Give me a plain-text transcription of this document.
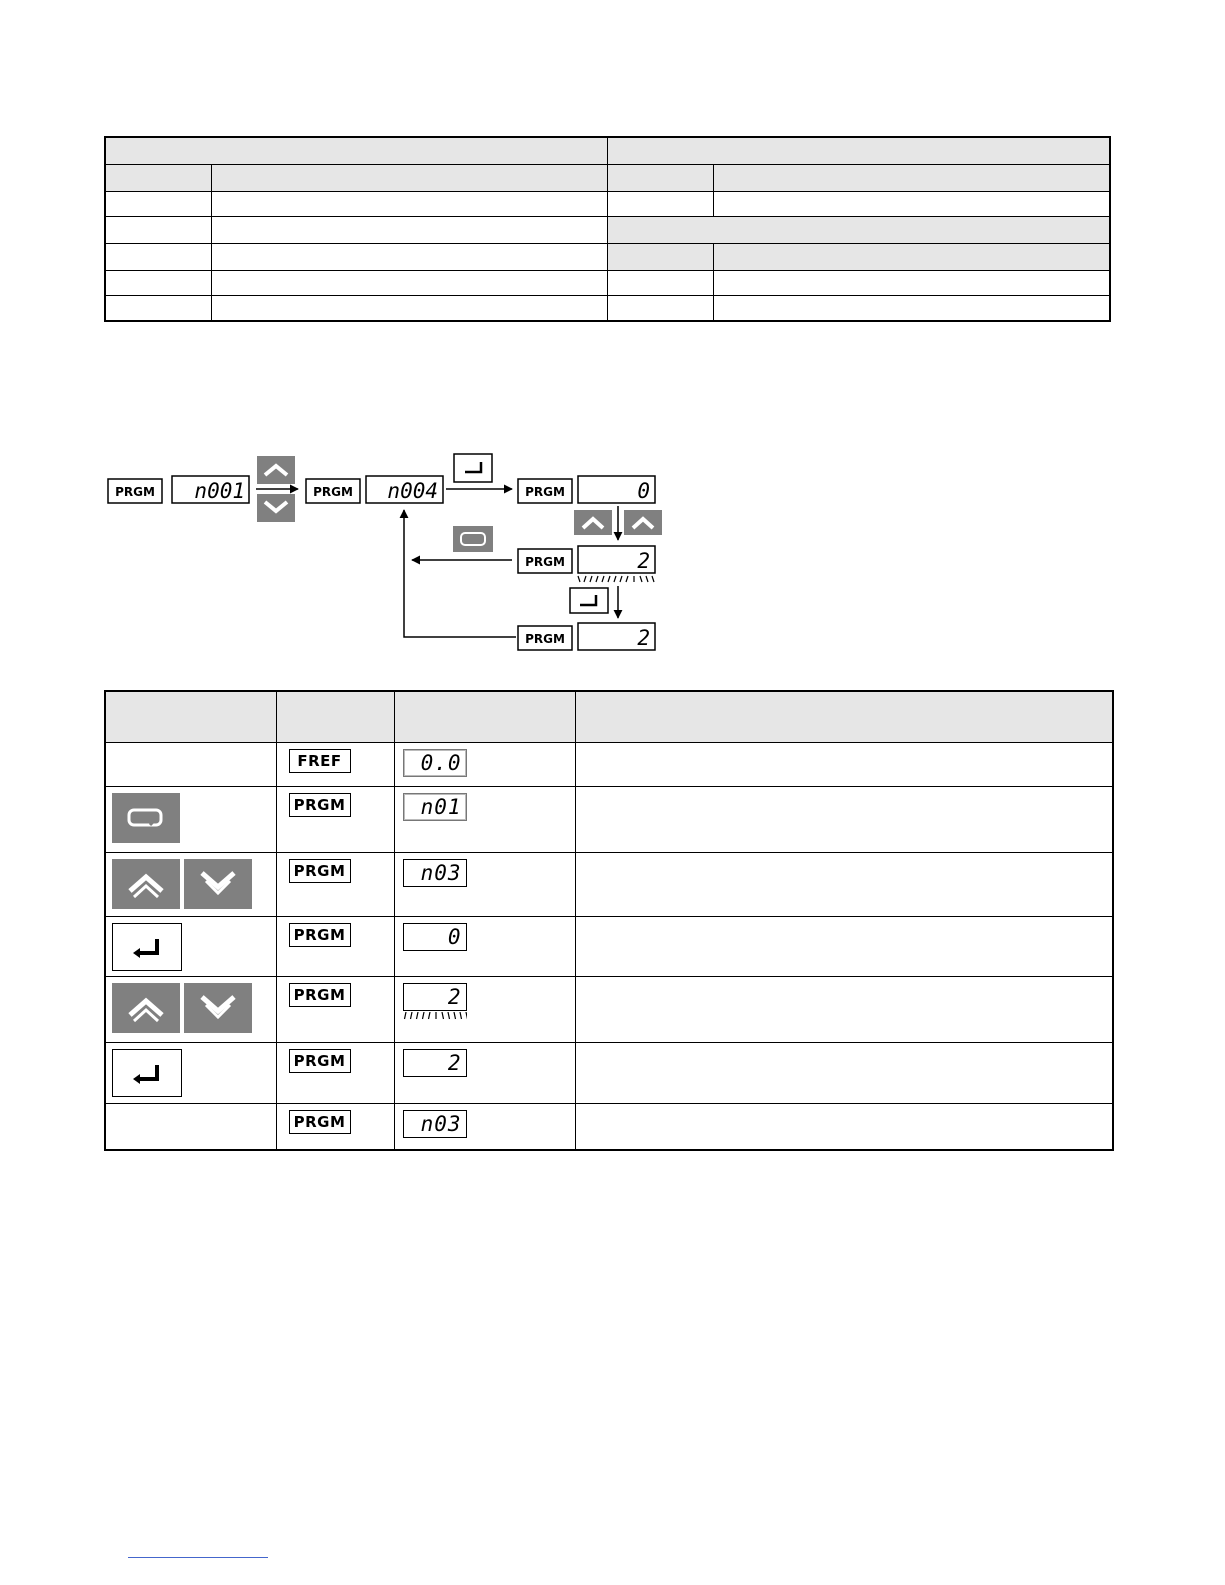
PRGM n001	PRGM n004	PRGM	0
PRGM	2
PRGM	2

	FREF	0.0	

	PRGM	n01	

	PRGM	n03	

	PRGM	0	

	PRGM	2

	PRGM	2	
	PRGM	n03	
